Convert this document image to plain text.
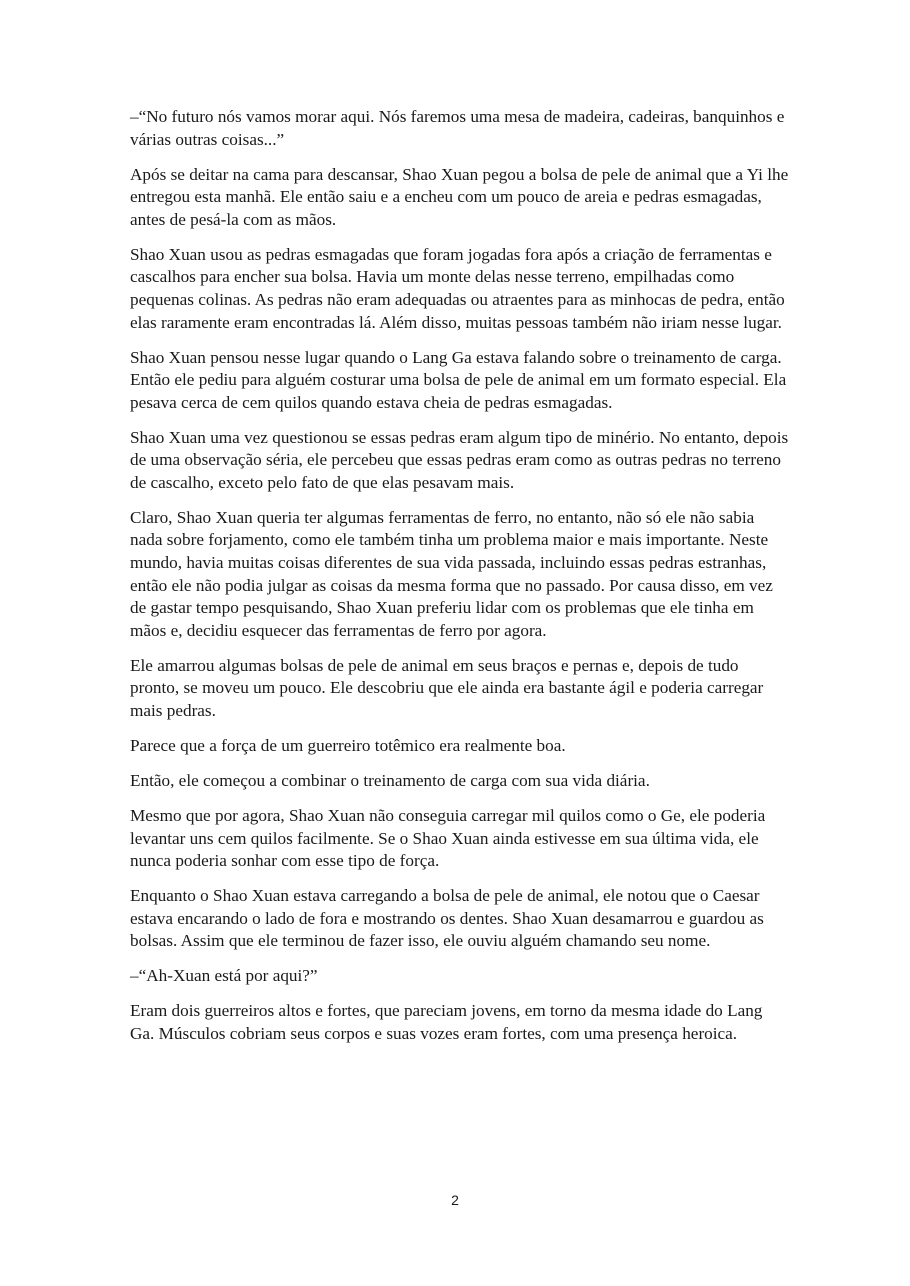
–“No futuro nós vamos morar aqui. Nós faremos uma mesa de madeira, cadeiras, banquinhos e várias outras coisas...”

Após se deitar na cama para descansar, Shao Xuan pegou a bolsa de pele de animal que a Yi lhe entregou esta manhã. Ele então saiu e a encheu com um pouco de areia e pedras esmagadas, antes de pesá-la com as mãos.

Shao Xuan usou as pedras esmagadas que foram jogadas fora após a criação de ferramentas e cascalhos para encher sua bolsa. Havia um monte delas nesse terreno, empilhadas como pequenas colinas. As pedras não eram adequadas ou atraentes para as minhocas de pedra, então elas raramente eram encontradas lá. Além disso, muitas pessoas também não iriam nesse lugar.

Shao Xuan pensou nesse lugar quando o Lang Ga estava falando sobre o treinamento de carga. Então ele pediu para alguém costurar uma bolsa de pele de animal em um formato especial. Ela pesava cerca de cem quilos quando estava cheia de pedras esmagadas.

Shao Xuan uma vez questionou se essas pedras eram algum tipo de minério. No entanto, depois de uma observação séria, ele percebeu que essas pedras eram como as outras pedras no terreno de cascalho, exceto pelo fato de que elas pesavam mais.

Claro, Shao Xuan queria ter algumas ferramentas de ferro, no entanto, não só ele não sabia nada sobre forjamento, como ele também tinha um problema maior e mais importante. Neste mundo, havia muitas coisas diferentes de sua vida passada, incluindo essas pedras estranhas, então ele não podia julgar as coisas da mesma forma que no passado. Por causa disso, em vez de gastar tempo pesquisando, Shao Xuan preferiu lidar com os problemas que ele tinha em mãos e, decidiu esquecer das ferramentas de ferro por agora.

Ele amarrou algumas bolsas de pele de animal em seus braços e pernas e, depois de tudo pronto, se moveu um pouco. Ele descobriu que ele ainda era bastante ágil e poderia carregar mais pedras.

Parece que a força de um guerreiro totêmico era realmente boa.

Então, ele começou a combinar o treinamento de carga com sua vida diária.

Mesmo que por agora, Shao Xuan não conseguia carregar mil quilos como o Ge, ele poderia levantar uns cem quilos facilmente. Se o Shao Xuan ainda estivesse em sua última vida, ele nunca poderia sonhar com esse tipo de força.

Enquanto o Shao Xuan estava carregando a bolsa de pele de animal, ele notou que o Caesar estava encarando o lado de fora e mostrando os dentes. Shao Xuan desamarrou e guardou as bolsas. Assim que ele terminou de fazer isso, ele ouviu alguém chamando seu nome.

–“Ah-Xuan está por aqui?”

Eram dois guerreiros altos e fortes, que pareciam jovens, em torno da mesma idade do Lang Ga. Músculos cobriam seus corpos e suas vozes eram fortes, com uma presença heroica.

2
